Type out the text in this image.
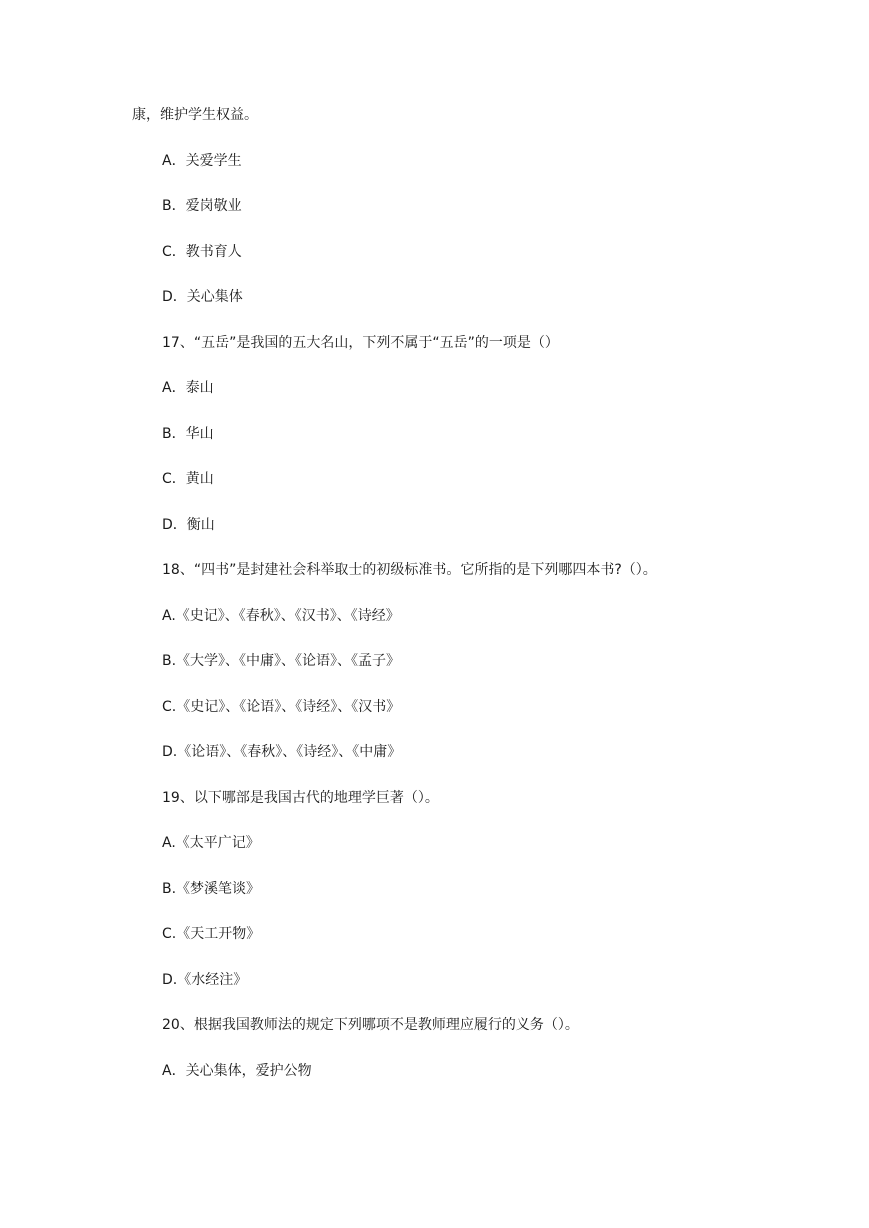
康，维护学生权益。
A．关爱学生
B．爱岗敬业
C．教书育人
D．关心集体
17、“五岳”是我国的五大名山，下列不属于“五岳”的一项是（）
A．泰山
B．华山
C．黄山
D．衡山
18、“四书”是封建社会科举取士的初级标准书。它所指的是下列哪四本书?（）。
A.《史记》、《春秋》、《汉书》、《诗经》
B.《大学》、《中庸》、《论语》、《孟子》
C.《史记》、《论语》、《诗经》、《汉书》
D.《论语》、《春秋》、《诗经》、《中庸》
19、以下哪部是我国古代的地理学巨著（）。
A.《太平广记》
B.《梦溪笔谈》
C.《天工开物》
D.《水经注》
20、根据我国教师法的规定下列哪项不是教师理应履行的义务（）。
A．关心集体，爱护公物
